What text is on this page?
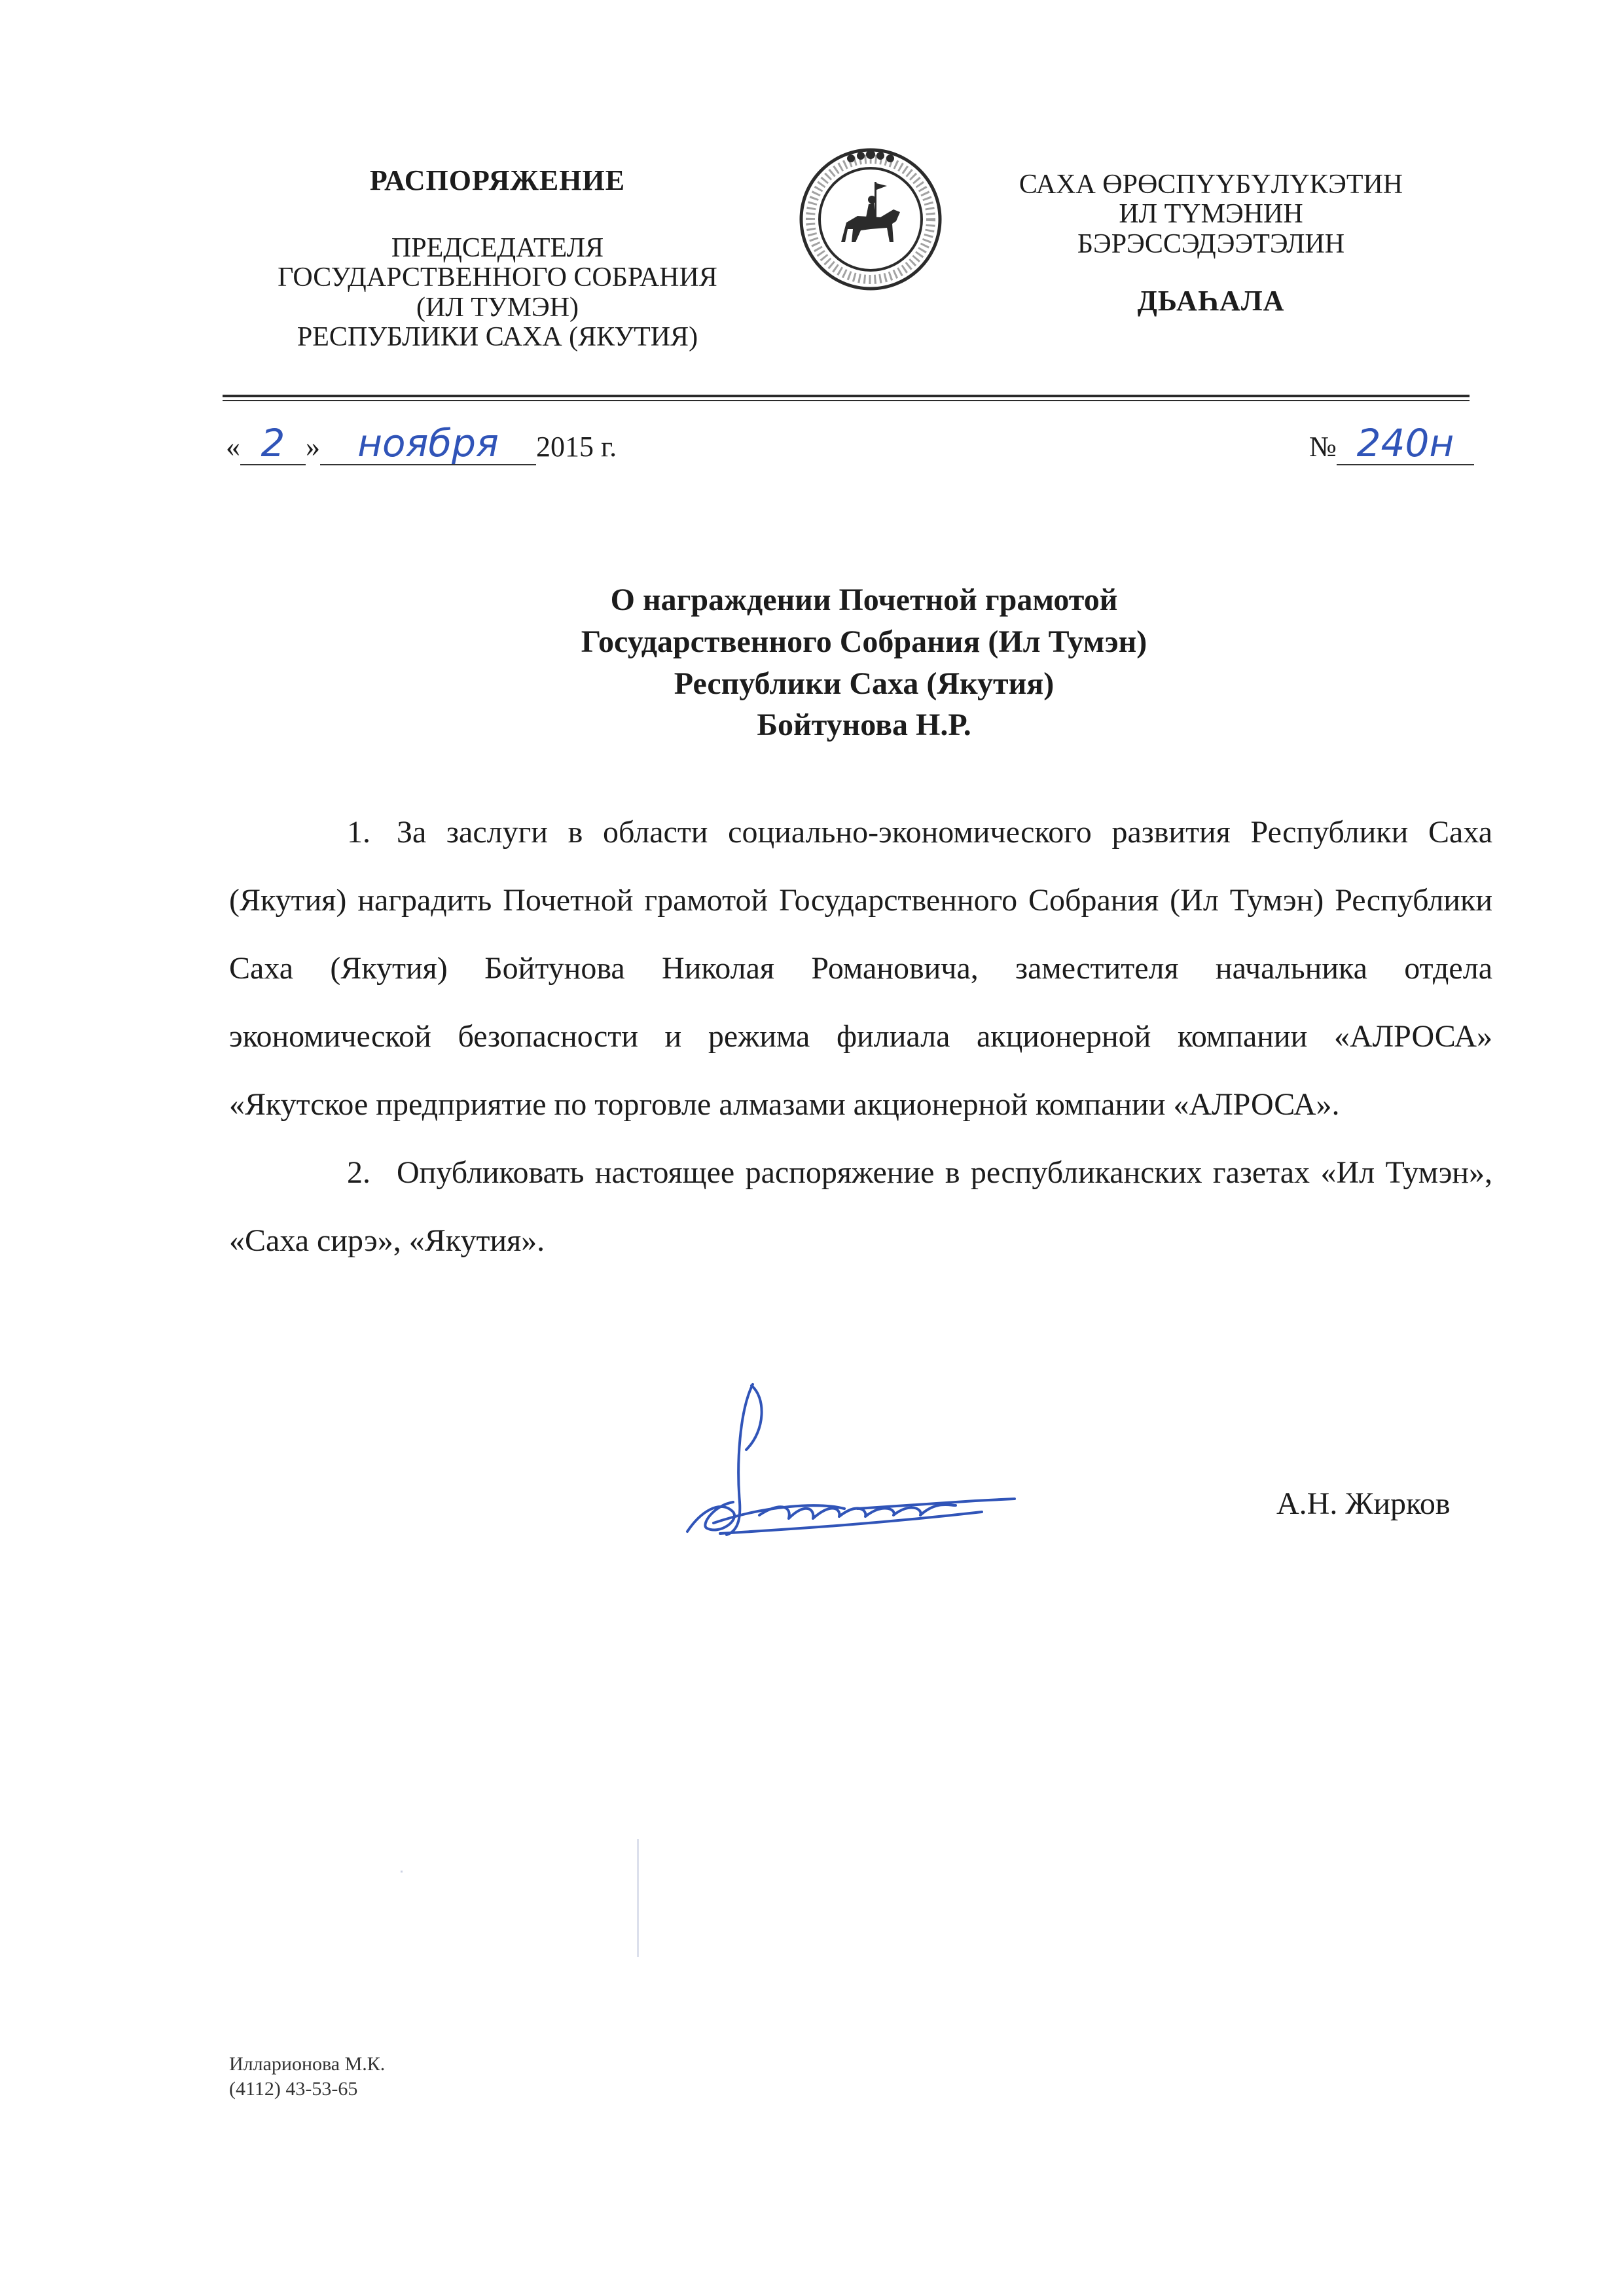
РАСПОРЯЖЕНИЕ

ПРЕДСЕДАТЕЛЯ

ГОСУДАРСТВЕННОГО СОБРАНИЯ

(ИЛ ТУМЭН)

РЕСПУБЛИКИ САХА (ЯКУТИЯ)

САХА ӨРӨСПҮҮБҮЛҮКЭТИН

ИЛ ТҮМЭНИН

БЭРЭССЭДЭЭТЭЛИН

ДЬАҺАЛА

« 2 » ноября 2015 г.	№ 240н

О награждении Почетной грамотой

Государственного Собрания (Ил Тумэн)

Республики Саха (Якутия)

Бойтунова Н.Р.

1. За заслуги в области социально-экономического развития Республики Саха (Якутия) наградить Почетной грамотой Государственного Собрания (Ил Тумэн) Республики Саха (Якутия) Бойтунова Николая Романовича, заместителя начальника отдела экономической безопасности и режима филиала акционерной компании «АЛРОСА» «Якутское предприятие по торговле алмазами акционерной компании «АЛРОСА».

2. Опубликовать настоящее распоряжение в республиканских газетах «Ил Тумэн», «Саха сирэ», «Якутия».

А.Н. Жирков
Илларионова М.К.
(4112) 43-53-65
